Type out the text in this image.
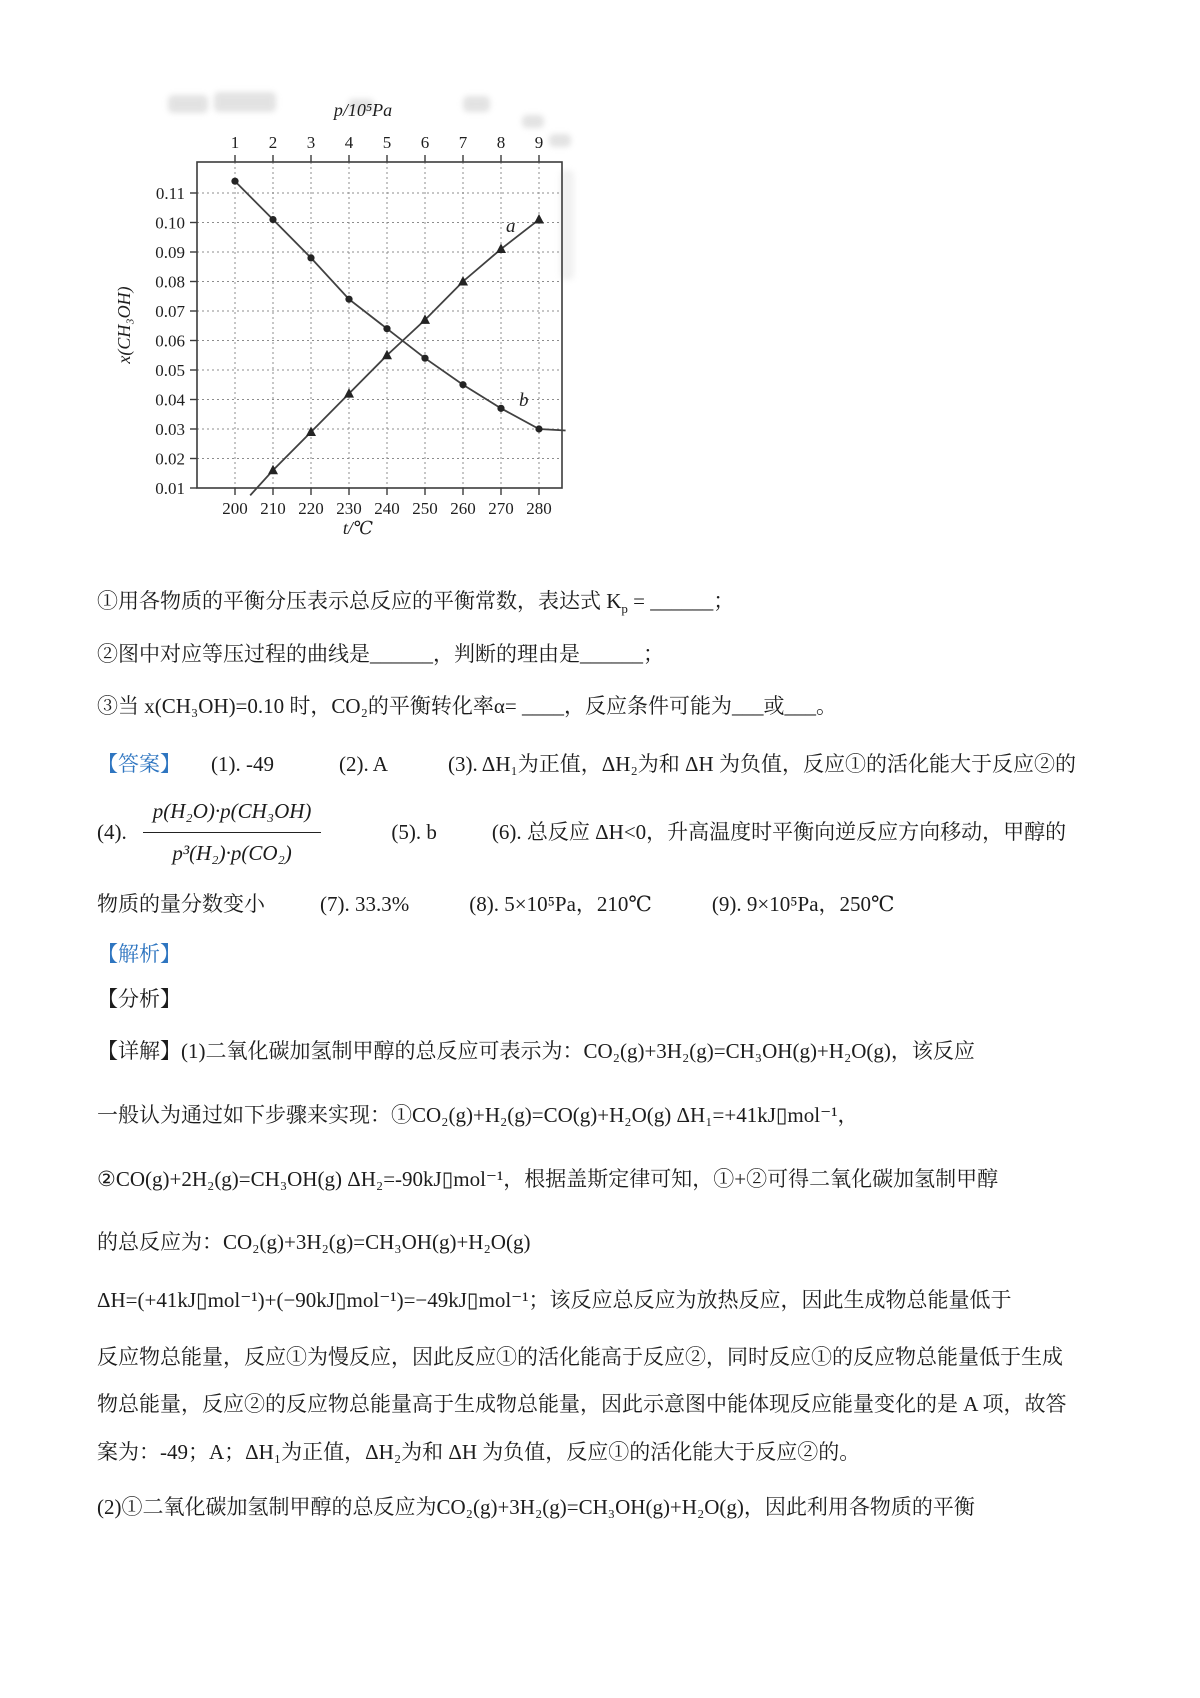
1 2 3 4 5 6 7 8 9
0.11
0.10
0.09
0.08
0.07
0.06
0.05
0.04
0.03
0.02
0.01
200 210 220 230 240 250 260 270 280
p/10⁵Pa
t/℃
x(CH₃OH)
a
b
①用各物质的平衡分压表示总反应的平衡常数，表达式 $K_p$ = ______；
②图中对应等压过程的曲线是______，判断的理由是______；
③当 x(CH₃OH)=0.10 时，CO₂的平衡转化率α= ____，反应条件可能为___或___。
【答案】 (1). -49	(2). A	(3). ΔH₁为正值，ΔH₂为和 ΔH 为负值，反应①的活化能大于反应②的
(4). $\frac{\text{p(H₂O)·p(CH₃OH)}}{\text{p³(H₂)·p(CO₂)}}$	(5). b	(6). 总反应 ΔH<0，升高温度时平衡向逆反应方向移动，甲醇的
物质的量分数变小	(7). 33.3%	(8). 5×10⁵Pa，210℃	(9). 9×10⁵Pa，250℃
【解析】
【分析】
【详解】(1)二氧化碳加氢制甲醇的总反应可表示为：CO₂(g)+3H₂(g)=CH₃OH(g)+H₂O(g)，该反应
一般认为通过如下步骤来实现：①CO₂(g)+H₂(g)=CO(g)+H₂O(g) ΔH₁=+41kJ▯mol⁻¹，
②CO(g)+2H₂(g)=CH₃OH(g) ΔH₂=-90kJ▯mol⁻¹，根据盖斯定律可知，①+②可得二氧化碳加氢制甲醇
的总反应为：CO₂(g)+3H₂(g)=CH₃OH(g)+H₂O(g)
ΔH=(+41kJ▯mol⁻¹)+(−90kJ▯mol⁻¹)=−49kJ▯mol⁻¹；该反应总反应为放热反应，因此生成物总能量低于
反应物总能量，反应①为慢反应，因此反应①的活化能高于反应②，同时反应①的反应物总能量低于生成
物总能量，反应②的反应物总能量高于生成物总能量，因此示意图中能体现反应能量变化的是 A 项，故答
案为：-49；A；ΔH₁为正值，ΔH₂为和 ΔH 为负值，反应①的活化能大于反应②的。
(2)①二氧化碳加氢制甲醇的总反应为CO₂(g)+3H₂(g)=CH₃OH(g)+H₂O(g)，因此利用各物质的平衡
